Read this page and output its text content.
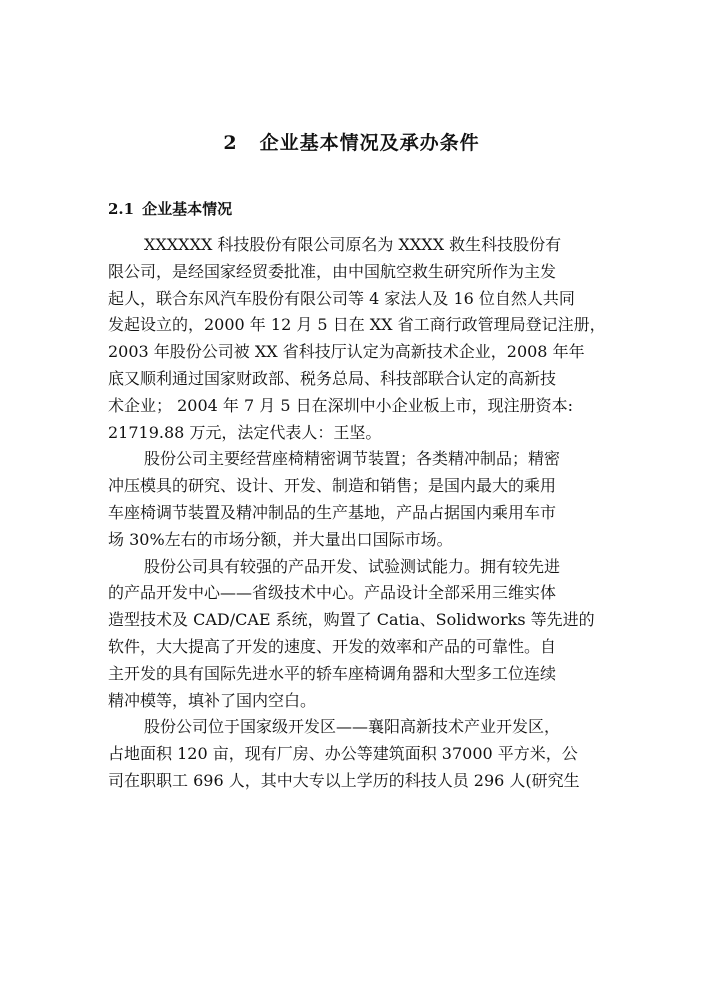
2 企业基本情况及承办条件
2.1 企业基本情况
XXXXXX 科技股份有限公司原名为 XXXX 救生科技股份有
限公司，是经国家经贸委批准，由中国航空救生研究所作为主发
起人，联合东风汽车股份有限公司等 4 家法人及 16 位自然人共同
发起设立的，2000 年 12 月 5 日在 XX 省工商行政管理局登记注册，
2003 年股份公司被 XX 省科技厅认定为高新技术企业，2008 年年
底又顺利通过国家财政部、税务总局、科技部联合认定的高新技
术企业； 2004 年 7 月 5 日在深圳中小企业板上市，现注册资本:
21719.88 万元，法定代表人：王坚。
股份公司主要经营座椅精密调节装置；各类精冲制品；精密
冲压模具的研究、设计、开发、制造和销售；是国内最大的乘用
车座椅调节装置及精冲制品的生产基地，产品占据国内乘用车市
场 30%左右的市场分额，并大量出口国际市场。
股份公司具有较强的产品开发、试验测试能力。拥有较先进
的产品开发中心——省级技术中心。产品设计全部采用三维实体
造型技术及 CAD/CAE 系统，购置了 Catia、Solidworks 等先进的
软件，大大提高了开发的速度、开发的效率和产品的可靠性。自
主开发的具有国际先进水平的轿车座椅调角器和大型多工位连续
精冲模等，填补了国内空白。
股份公司位于国家级开发区——襄阳高新技术产业开发区，
占地面积 120 亩，现有厂房、办公等建筑面积 37000 平方米，公
司在职职工 696 人，其中大专以上学历的科技人员 296 人(研究生
